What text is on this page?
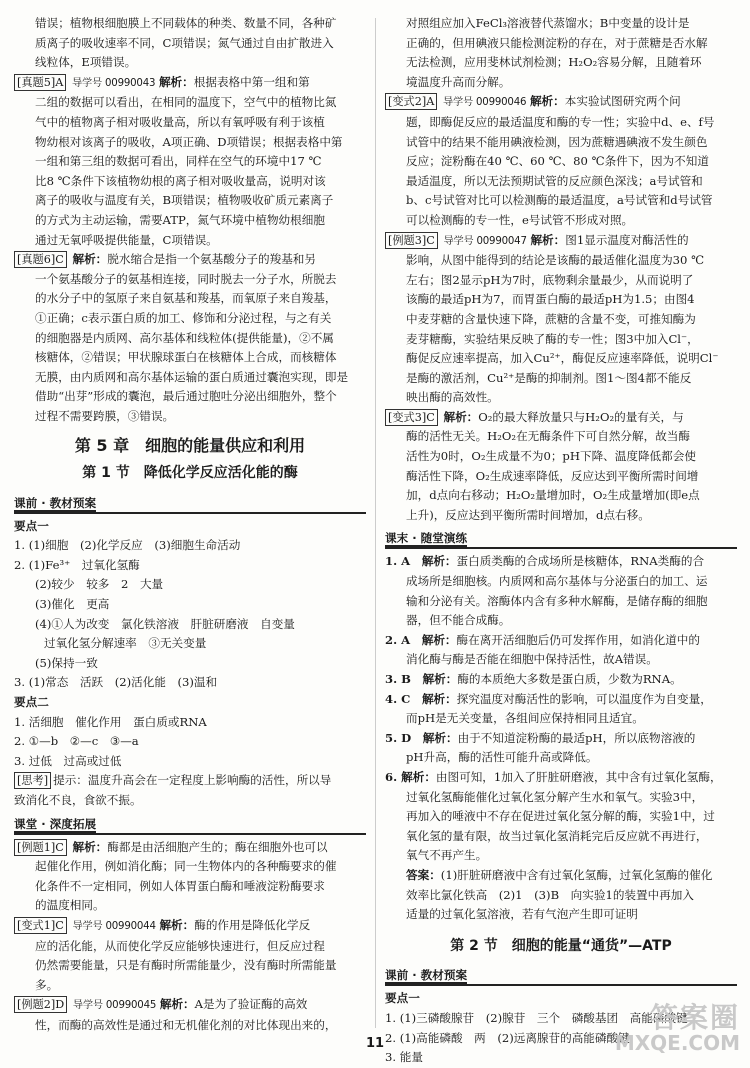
错误；植物根细胞膜上不同载体的种类、数量不同，各种矿

质离子的吸收速率不同，C项错误；氮气通过自由扩散进入

线粒体，E项错误。

[真题5]A 导学号 00990043 解析：根据表格中第一组和第

二组的数据可以看出，在相同的温度下，空气中的植物比氮

气中的植物离子相对吸收量高，所以有氧呼吸有利于该植

物幼根对该离子的吸收，A项正确、D项错误；根据表格中第

一组和第三组的数据可看出，同样在空气的环境中17 ℃

比8 ℃条件下该植物幼根的离子相对吸收量高，说明对该

离子的吸收与温度有关，B项错误；植物吸收矿质元素离子

的方式为主动运输，需要ATP，氮气环境中植物幼根细胞

通过无氧呼吸提供能量，C项错误。

[真题6]C 解析：脱水缩合是指一个氨基酸分子的羧基和另

一个氨基酸分子的氨基相连接，同时脱去一分子水，所脱去

的水分子中的氢原子来自氨基和羧基，而氧原子来自羧基，

①正确；c表示蛋白质的加工、修饰和分泌过程，与之有关

的细胞器是内质网、高尔基体和线粒体(提供能量)，②不属

核糖体，②错误；甲状腺球蛋白在核糖体上合成，而核糖体

无膜，由内质网和高尔基体运输的蛋白质通过囊泡实现，即是

借助“出芽”形成的囊泡，最后通过胞吐分泌出细胞外，整个

过程不需要跨膜，③错误。

第 5 章　细胞的能量供应和利用
第 1 节　降低化学反应活化能的酶
课前 · 教材预案

要点一

1. (1)细胞　(2)化学反应　(3)细胞生命活动

2. (1)Fe³⁺　过氧化氢酶

(2)较少　较多　2　大量

(3)催化　更高

(4)①人为改变　氯化铁溶液　肝脏研磨液　自变量

过氧化氢分解速率　③无关变量

(5)保持一致

3. (1)常态　活跃　(2)活化能　(3)温和

要点二

1. 活细胞　催化作用　蛋白质或RNA

2. ①—b　②—c　③—a

3. 过低　过高或过低

[思考] 提示：温度升高会在一定程度上影响酶的活性，所以导

致消化不良，食欲不振。

课堂 · 深度拓展

[例题1]C 解析：酶都是由活细胞产生的；酶在细胞外也可以

起催化作用，例如消化酶；同一生物体内的各种酶要求的催

化条件不一定相同，例如人体胃蛋白酶和唾液淀粉酶要求

的温度相同。

[变式1]C 导学号 00990044 解析：酶的作用是降低化学反

应的活化能，从而使化学反应能够快速进行，但反应过程

仍然需要能量，只是有酶时所需能量少，没有酶时所需能量

多。

[例题2]D 导学号 00990045 解析：A是为了验证酶的高效

性，而酶的高效性是通过和无机催化剂的对比体现出来的，

对照组应加入FeCl₃溶液替代蒸馏水；B中变量的设计是

正确的，但用碘液只能检测淀粉的存在，对于蔗糖是否水解

无法检测，应用斐林试剂检测；H₂O₂容易分解，且随着环

境温度升高而分解。

[变式2]A 导学号 00990046 解析：本实验试图研究两个问

题，即酶促反应的最适温度和酶的专一性；实验中d、e、f号

试管中的结果不能用碘液检测，因为蔗糖遇碘液不发生颜色

反应；淀粉酶在40 ℃、60 ℃、80 ℃条件下，因为不知道

最适温度，所以无法预期试管的反应颜色深浅；a号试管和

b、c号试管对比可以检测酶的最适温度，a号试管和d号试管

可以检测酶的专一性，e号试管不形成对照。

[例题3]C 导学号 00990047 解析：图1显示温度对酶活性的

影响，从图中能得到的结论是该酶的最适催化温度为30 ℃

左右；图2显示pH为7时，底物剩余量最少，从而说明了

该酶的最适pH为7，而胃蛋白酶的最适pH为1.5；由图4

中麦芽糖的含量快速下降，蔗糖的含量不变，可推知酶为

麦芽糖酶，实验结果反映了酶的专一性；图3中加入Cl⁻，

酶促反应速率提高，加入Cu²⁺，酶促反应速率降低，说明Cl⁻

是酶的激活剂，Cu²⁺是酶的抑制剂。图1～图4都不能反

映出酶的高效性。

[变式3]C 解析：O₂的最大释放量只与H₂O₂的量有关，与

酶的活性无关。H₂O₂在无酶条件下可自然分解，故当酶

活性为0时，O₂生成量不为0；pH下降、温度降低都会使

酶活性下降，O₂生成速率降低，反应达到平衡所需时间增

加，d点向右移动；H₂O₂量增加时，O₂生成量增加(即e点

上升)，反应达到平衡所需时间增加，d点右移。

课末 · 随堂演练

1. A　解析：蛋白质类酶的合成场所是核糖体，RNA类酶的合

成场所是细胞核。内质网和高尔基体与分泌蛋白的加工、运

输和分泌有关。溶酶体内含有多种水解酶，是储存酶的细胞

器，但不能合成酶。

2. A　解析：酶在离开活细胞后仍可发挥作用，如消化道中的

消化酶与酶是否能在细胞中保持活性，故A错误。

3. B　解析：酶的本质绝大多数是蛋白质，少数为RNA。

4. C　解析：探究温度对酶活性的影响，可以温度作为自变量，

而pH是无关变量，各组间应保持相同且适宜。

5. D　解析：由于不知道淀粉酶的最适pH，所以底物溶液的

pH升高，酶的活性可能升高或降低。

6. 解析：由图可知，1加入了肝脏研磨液，其中含有过氧化氢酶，

过氧化氢酶能催化过氧化氢分解产生水和氧气。实验3中，

再加入的唾液中不存在促进过氧化氢分解的酶，实验1中，过

氧化氢的量有限，故当过氧化氢消耗完后反应就不再进行，

氧气不再产生。

答案：(1)肝脏研磨液中含有过氧化氢酶，过氧化氢酶的催化

效率比氯化铁高　(2)1　(3)B　向实验1的装置中再加入

适量的过氧化氢溶液，若有气泡产生即可证明

第 2 节　细胞的能量“通货”—ATP
课前 · 教材预案

要点一

1. (1)三磷酸腺苷　(2)腺苷　三个　磷酸基团　高能磷酸键

2. (1)高能磷酸　两　(2)远离腺苷的高能磷酸键

3. 能量

11
答案圈
MXQE.COM
